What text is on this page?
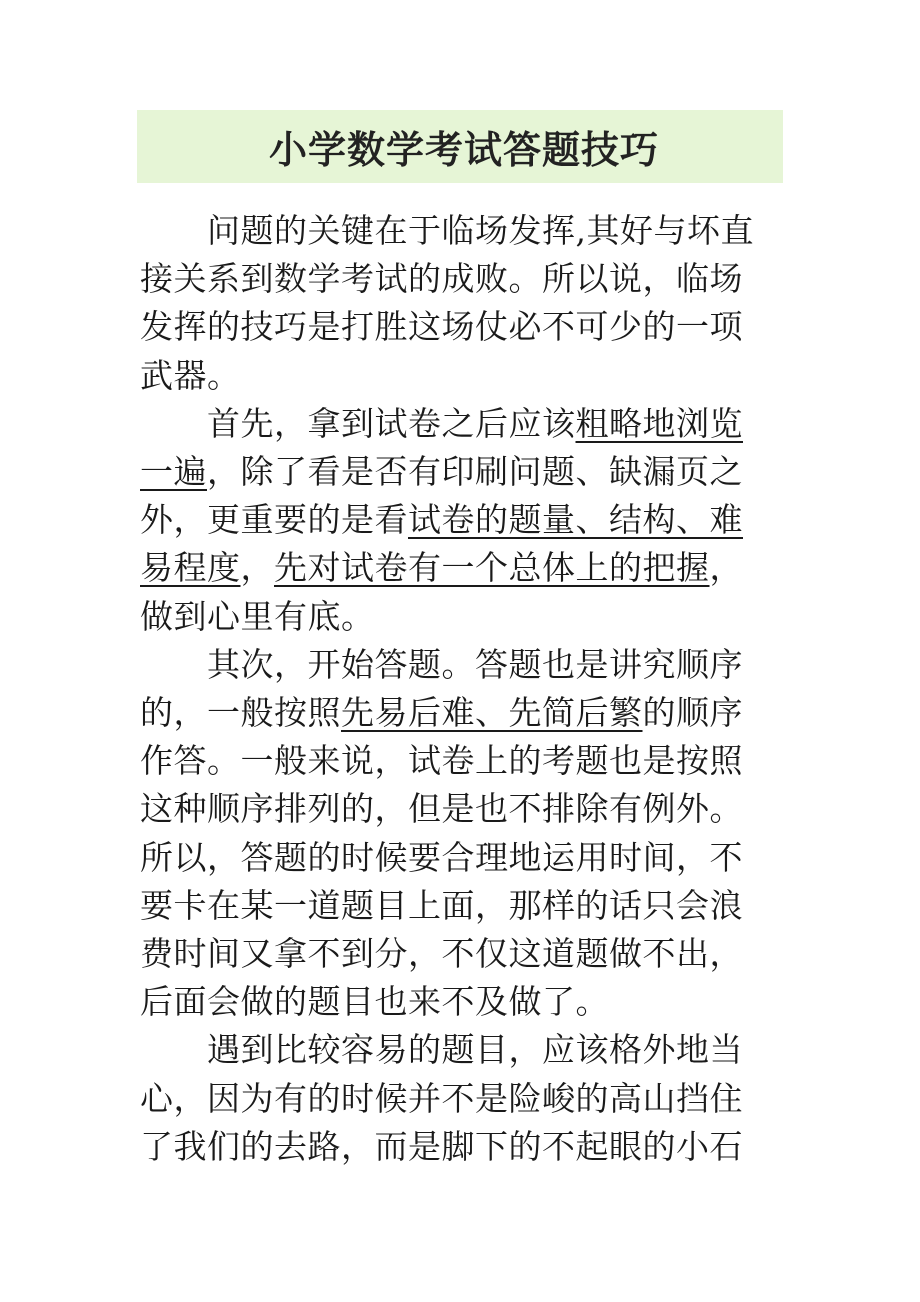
小学数学考试答题技巧

　　问题的关键在于临场发挥,其好与坏直接关系到数学考试的成败。所以说，临场发挥的技巧是打胜这场仗必不可少的一项武器。

　　首先，拿到试卷之后应该粗略地浏览一遍，除了看是否有印刷问题、缺漏页之外，更重要的是看试卷的题量、结构、难易程度，先对试卷有一个总体上的把握，做到心里有底。

　　其次，开始答题。答题也是讲究顺序的，一般按照先易后难、先简后繁的顺序作答。一般来说，试卷上的考题也是按照这种顺序排列的，但是也不排除有例外。所以，答题的时候要合理地运用时间，不要卡在某一道题目上面，那样的话只会浪费时间又拿不到分，不仅这道题做不出，后面会做的题目也来不及做了。

　　遇到比较容易的题目，应该格外地当心，因为有的时候并不是险峻的高山挡住了我们的去路，而是脚下的不起眼的小石
